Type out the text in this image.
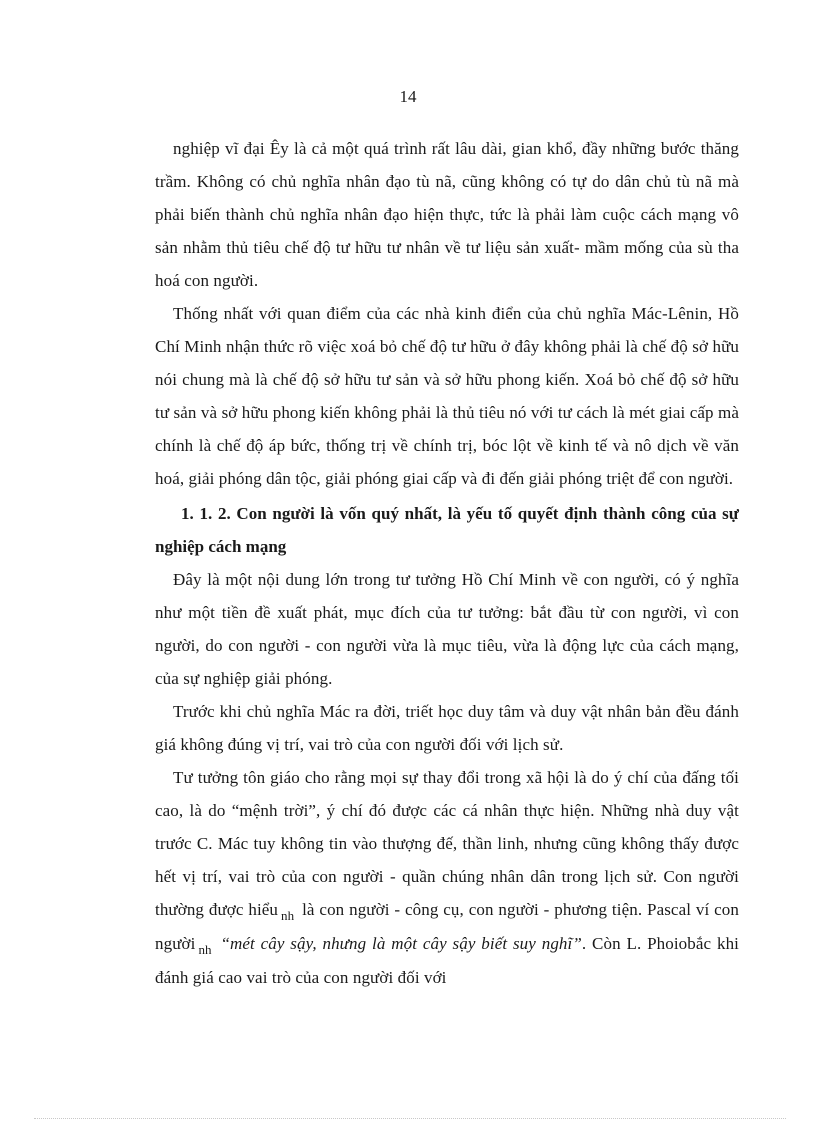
14

nghiệp vĩ đại Êy là cả một quá trình rất lâu dài, gian khổ, đầy những bước thăng trầm. Không có chủ nghĩa nhân đạo tù nã, cũng không có tự do dân chủ tù nã mà phải biến thành chủ nghĩa nhân đạo hiện thực, tức là phải làm cuộc cách mạng vô sản nhằm thủ tiêu chế độ tư hữu tư nhân về tư liệu sản xuất- mầm mống của sù tha hoá con người.

Thống nhất với quan điểm của các nhà kinh điển của chủ nghĩa Mác-Lênin, Hồ Chí Minh nhận thức rõ việc xoá bỏ chế độ tư hữu ở đây không phải là chế độ sở hữu nói chung mà là chế độ sở hữu tư sản và sở hữu phong kiến. Xoá bỏ chế độ sở hữu tư sản và sở hữu phong kiến không phải là thủ tiêu nó với tư cách là mét giai cấp mà chính là chế độ áp bức, thống trị về chính trị, bóc lột về kinh tế và nô dịch về văn hoá, giải phóng dân tộc, giải phóng giai cấp và đi đến giải phóng triệt để con người.

1. 1. 2. Con người là vốn quý nhất, là yếu tố quyết định thành công của sự nghiệp cách mạng

Đây là một nội dung lớn trong tư tưởng Hồ Chí Minh về con người, có ý nghĩa như một tiền đề xuất phát, mục đích của tư tưởng: bắt đầu từ con người, vì con người, do con người - con người vừa là mục tiêu, vừa là động lực của cách mạng, của sự nghiệp giải phóng.

Trước khi chủ nghĩa Mác ra đời, triết học duy tâm và duy vật nhân bản đều đánh giá không đúng vị trí, vai trò của con người đối với lịch sử.

Tư tưởng tôn giáo cho rằng mọi sự thay đổi trong xã hội là do ý chí của đấng tối cao, là do “mệnh trời”, ý chí đó được các cá nhân thực hiện. Những nhà duy vật trước C. Mác tuy không tin vào thượng đế, thần linh, nhưng cũng không thấy được hết vị trí, vai trò của con người - quần chúng nhân dân trong lịch sử. Con người thường được hiểu $_{nh}$ là con người - công cụ, con người - phương tiện. Pascal ví con người $_{nh}$ “mét cây sậy, nhưng là một cây sậy biết suy nghĩ”. Còn L. Phoiobắc khi đánh giá cao vai trò của con người đối với
